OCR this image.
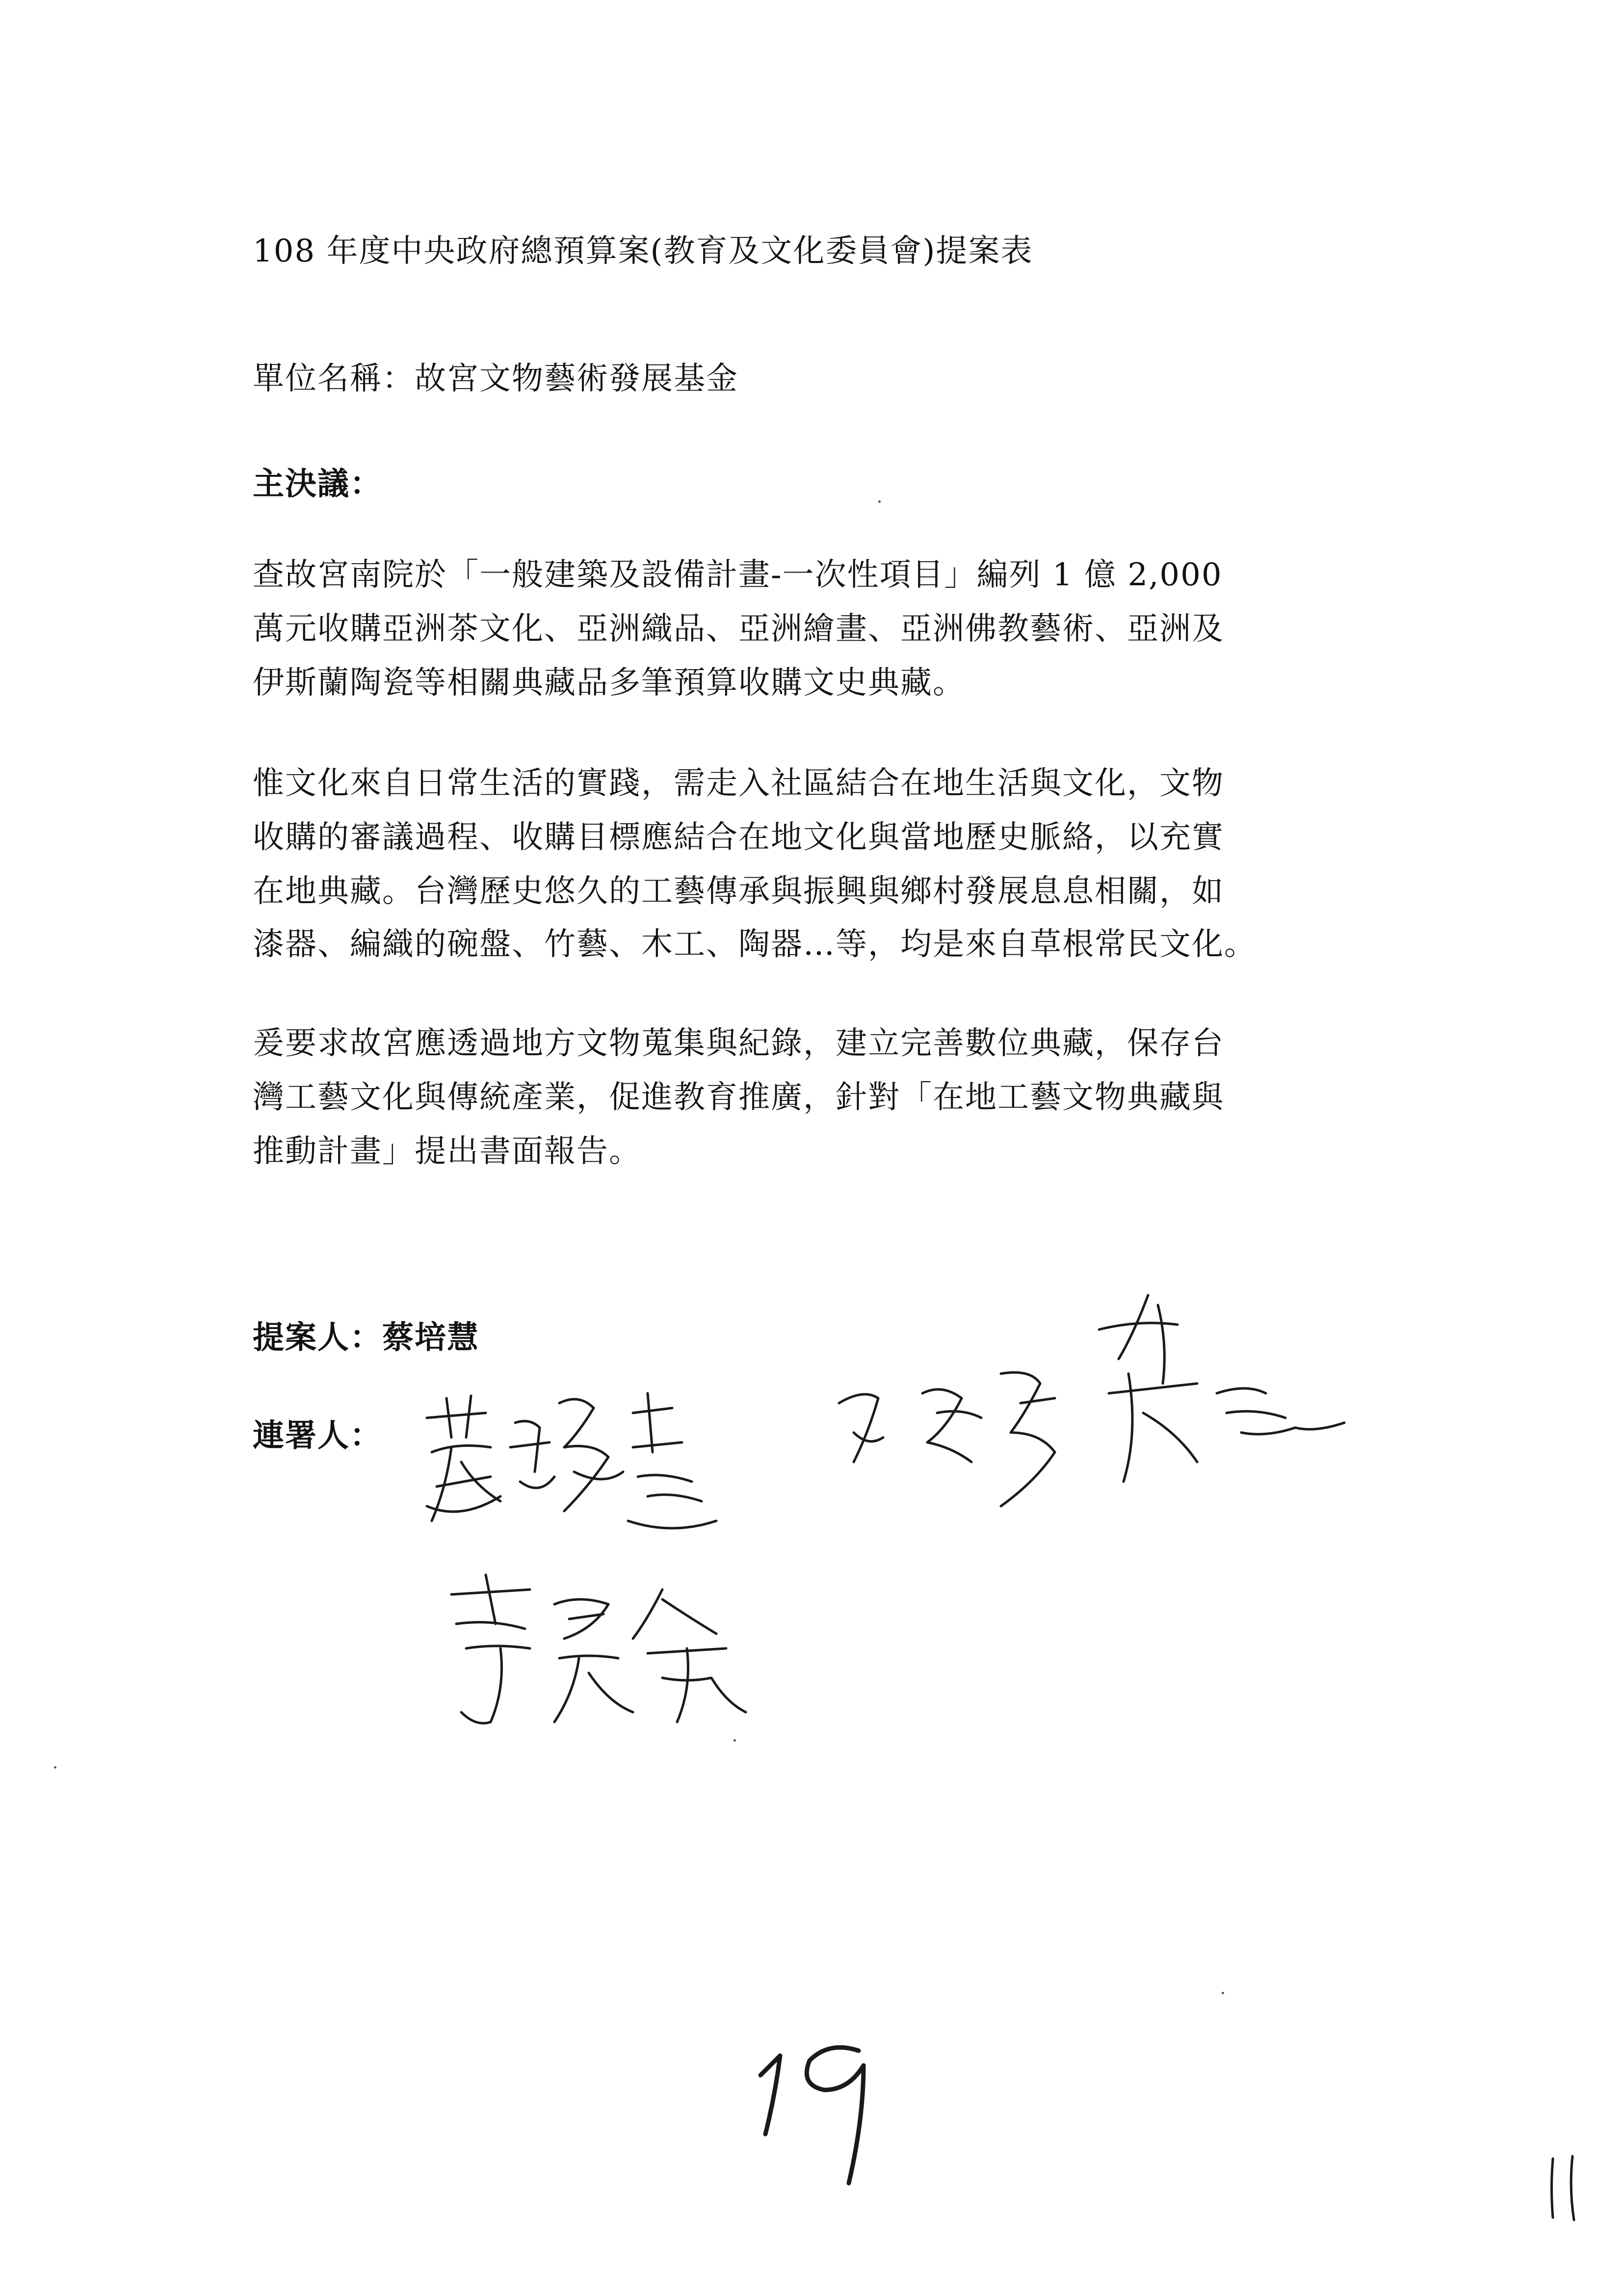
108 年度中央政府總預算案(教育及文化委員會)提案表
單位名稱：故宮文物藝術發展基金
主決議：
查故宮南院於「一般建築及設備計畫-一次性項目」編列 1 億 2,000
萬元收購亞洲茶文化、亞洲織品、亞洲繪畫、亞洲佛教藝術、亞洲及
伊斯蘭陶瓷等相關典藏品多筆預算收購文史典藏。
惟文化來自日常生活的實踐，需走入社區結合在地生活與文化，文物
收購的審議過程、收購目標應結合在地文化與當地歷史脈絡，以充實
在地典藏。台灣歷史悠久的工藝傳承與振興與鄉村發展息息相關，如
漆器、編織的碗盤、竹藝、木工、陶器…等，均是來自草根常民文化。
爰要求故宮應透過地方文物蒐集與紀錄，建立完善數位典藏，保存台
灣工藝文化與傳統產業，促進教育推廣，針對「在地工藝文物典藏與
推動計畫」提出書面報告。
提案人：蔡培慧
連署人：
